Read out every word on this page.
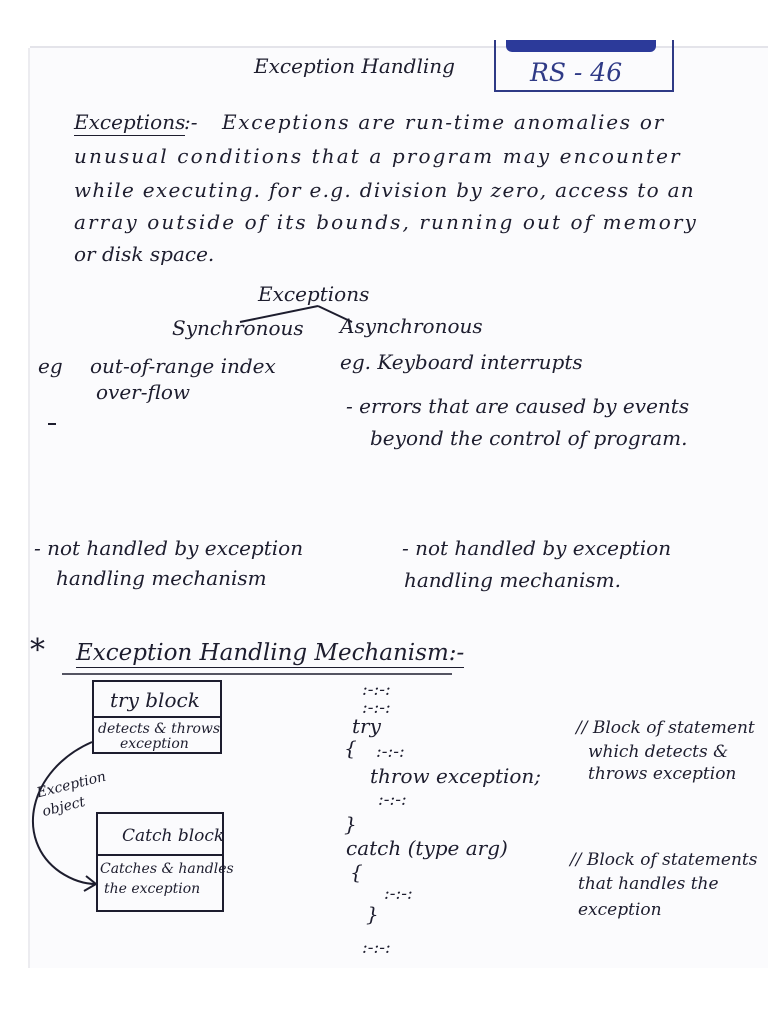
Exception Handling	RS - 46
Exceptions
:- Exceptions are run-time anomalies or
unusual conditions that a program may encounter
while executing. for e.g. division by zero, access to an
array outside of its bounds, running out of memory
or disk space.
Exceptions
Synchronous Asynchronous
eg out-of-range index
over-flow
eg. Keyboard interrupts
- errors that are caused by events
beyond the control of program.
- not handled by exception
handling mechanism
- not handled by exception
handling mechanism.
* Exception Handling Mechanism:-
try block
detects & throws
exception
Catch block
Catches & handles
the exception
Exception
object
:-:-:
:-:-:
try
{ :-:-:
throw exception;
:-:-:
}
catch (type arg)
{
:-:-:
}
:-:-:
// Block of statement
which detects &
throws exception
// Block of statements
that handles the
exception
